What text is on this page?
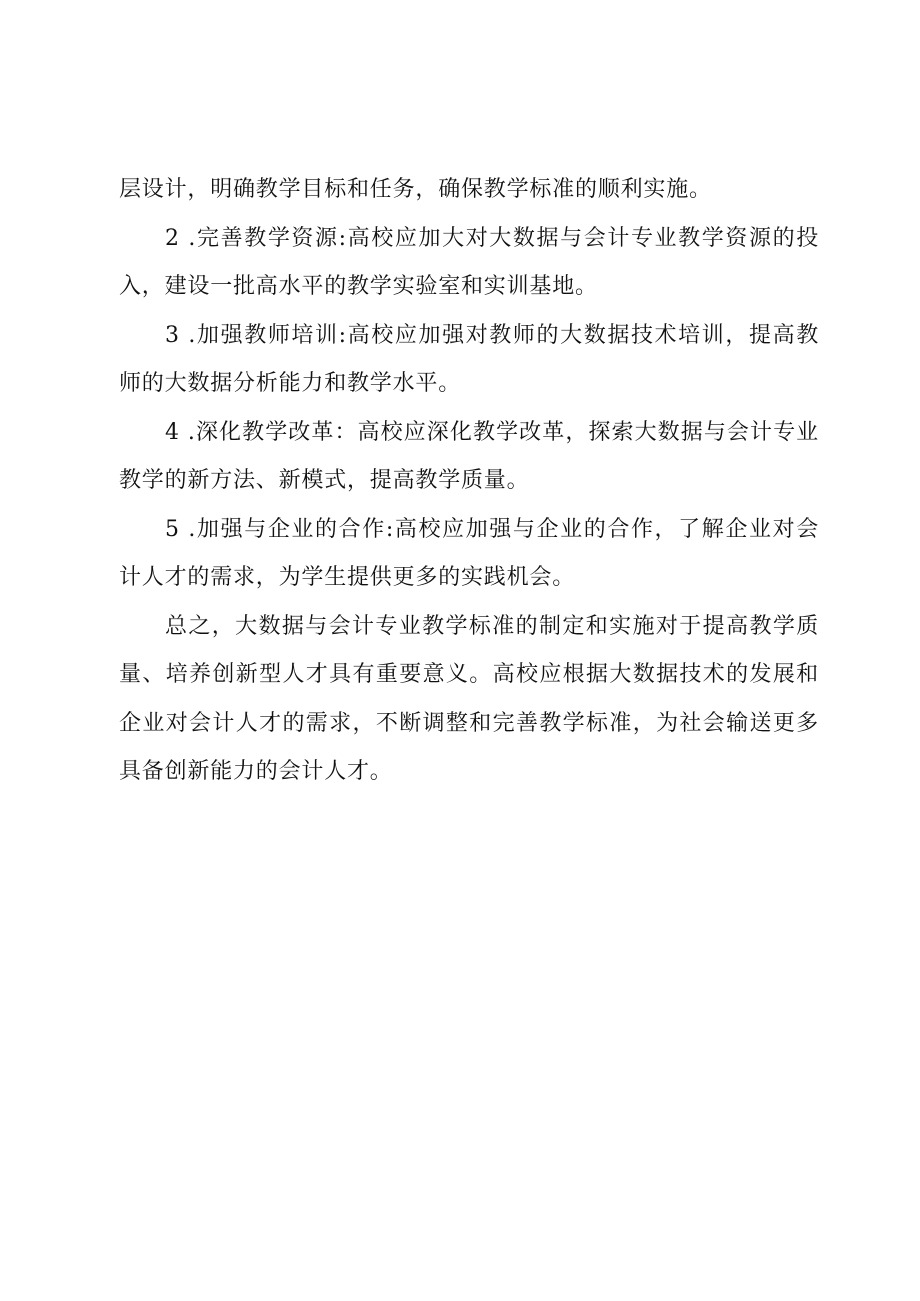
层设计，明确教学目标和任务，确保教学标准的顺利实施。

2 .完善教学资源:高校应加大对大数据与会计专业教学资源的投入，建设一批高水平的教学实验室和实训基地。

3 .加强教师培训:高校应加强对教师的大数据技术培训，提高教师的大数据分析能力和教学水平。

4 .深化教学改革：高校应深化教学改革，探索大数据与会计专业教学的新方法、新模式，提高教学质量。

5 .加强与企业的合作:高校应加强与企业的合作，了解企业对会计人才的需求，为学生提供更多的实践机会。

总之，大数据与会计专业教学标准的制定和实施对于提高教学质量、培养创新型人才具有重要意义。高校应根据大数据技术的发展和企业对会计人才的需求，不断调整和完善教学标准，为社会输送更多具备创新能力的会计人才。
